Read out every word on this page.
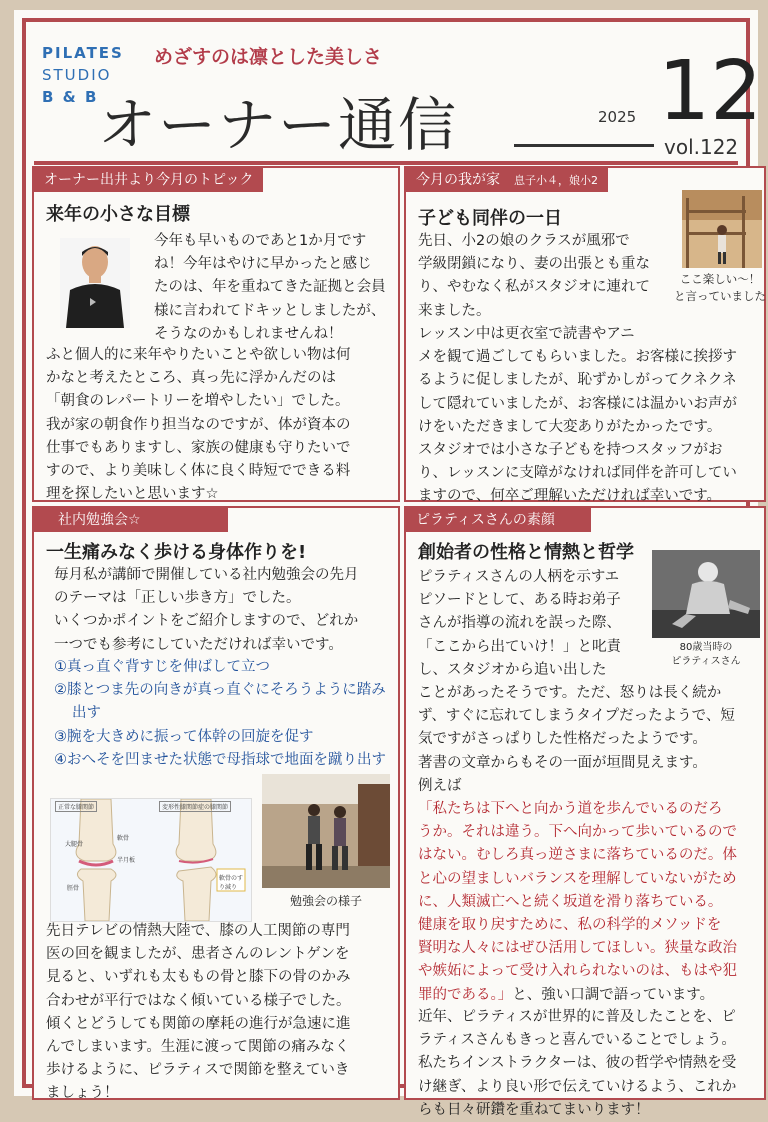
PILATES
STUDIO
B & B
めざすのは凛とした美しさ
オーナー通信	2025 12
vol.122
オーナー出井より今月のトピック
来年の小さな目標

今年も早いものであと1か月です

ね！今年はやけに早かったと感じ

たのは、年を重ねてきた証拠と会員

様に言われてドキッとしましたが、

そうなのかもしれませんね！

ふと個人的に来年やりたいことや欲しい物は何

かなと考えたところ、真っ先に浮かんだのは

「朝食のレパートリーを増やしたい」でした。

我が家の朝食作り担当なのですが、体が資本の

仕事でもありますし、家族の健康も守りたいで

すので、より美味しく体に良く時短でできる料

理を探したいと思います☆

今月の我が家 息子小４，娘小2
子ども同伴の一日

先日、小2の娘のクラスが風邪で

学級閉鎖になり、妻の出張とも重な

り、やむなく私がスタジオに連れて

来ました。

ここ楽しい～！
と言っていました

レッスン中は更衣室で読書やアニ

メを観て過ごしてもらいました。お客様に挨拶す

るように促しましたが、恥ずかしがってクネクネ

して隠れていましたが、お客様には温かいお声が

けをいただきまして大変ありがたかったです。

スタジオでは小さな子どもを持つスタッフがお

り、レッスンに支障がなければ同伴を許可してい

ますので、何卒ご理解いただければ幸いです。

社内勉強会☆
一生痛みなく歩ける身体作りを!

毎月私が講師で開催している社内勉強会の先月

のテーマは「正しい歩き方」でした。

いくつかポイントをご紹介しますので、どれか

一つでも参考にしていただければ幸いです。

①真っ直ぐ背すじを伸ばして立つ
②膝とつま先の向きが真っ直ぐにそろうように踏み出す
③腕を大きめに振って体幹の回旋を促す
④おへそを凹ませた状態で母指球で地面を蹴り出す
正常な膝関節	変形性膝関節症の膝関節
大腿骨
軟骨
半月板
脛骨
軟骨のすり減り
勉強会の様子

先日テレビの情熱大陸で、膝の人工関節の専門

医の回を観ましたが、患者さんのレントゲンを

見ると、いずれも太ももの骨と膝下の骨のかみ

合わせが平行ではなく傾いている様子でした。

傾くとどうしても関節の摩耗の進行が急速に進

んでしまいます。生涯に渡って関節の痛みなく

歩けるように、ピラティスで関節を整えていき

ましょう！

ピラティスさんの素顔
創始者の性格と情熱と哲学

ピラティスさんの人柄を示すエ

ピソードとして、ある時お弟子

さんが指導の流れを誤った際、

「ここから出ていけ！」と叱責

し、スタジオから追い出した

80歳当時の
ピラティスさん

ことがあったそうです。ただ、怒りは長く続か

ず、すぐに忘れてしまうタイプだったようで、短

気ですがさっぱりした性格だったようです。

著書の文章からもその一面が垣間見えます。

例えば

「私たちは下へと向かう道を歩んでいるのだろ

うか。それは違う。下へ向かって歩いているので

はない。むしろ真っ逆さまに落ちているのだ。体

と心の望ましいバランスを理解していないがため

に、人類滅亡へと続く坂道を滑り落ちている。

健康を取り戻すために、私の科学的メソッドを

賢明な人々にはぜひ活用してほしい。狭量な政治

や嫉妬によって受け入れられないのは、もはや犯

罪的である。」と、強い口調で語っています。

近年、ピラティスが世界的に普及したことを、ピ

ラティスさんもきっと喜んでいることでしょう。

私たちインストラクターは、彼の哲学や情熱を受

け継ぎ、より良い形で伝えていけるよう、これか

らも日々研鑽を重ねてまいります！
